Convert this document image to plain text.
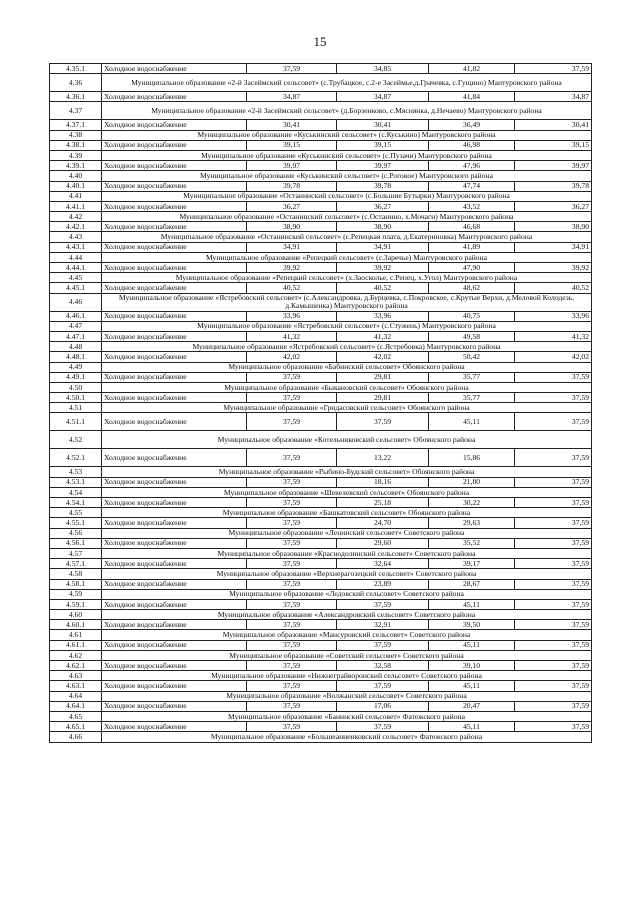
15
4.35.1	Холодное водоснабжение	37,59	34,85	41,82	37,59
4.36	Муниципальное образование «2-й Засеймский сельсовет» (с.Трубацкое, с.2-е Засеймье,д.Грачевка, с.Гущино) Мантуровского района				
4.36.1	Холодное водоснабжение	34,87	34,87	41,84	34,87
4.37	Муниципальное образование «2-й Засеймский сельсовет» (д.Борзенково, с.Мяснянка, д.Нечаево) Мантуровского района				
4.37.1	Холодное водоснабжение	30,41	30,41	36,49	30,41
4.38	Муниципальное образование «Куськинский сельсовет» (с.Куськино) Мантуровского района				
4.38.1	Холодное водоснабжение	39,15	39,15	46,98	39,15
4.39	Муниципальное образование «Куськинский сельсовет» (с.Пузачи) Мантуровского района				
4.39.1	Холодное водоснабжение	39,97	39,97	47,96	39,97
4.40	Муниципальное образование «Куськинский сельсовет» (с.Роговое) Мантуровского района				
4.40.1	Холодное водоснабжение	39,78	39,78	47,74	39,78
4.41	Муниципальное образование «Останинский сельсовет» (с.Большие Бутырки) Мантуровского района				
4.41.1	Холодное водоснабжение	36,27	36,27	43,52	36,27
4.42	Муниципальное образование «Останинский сельсовет» (с.Останино, х.Мочаги) Мантуровского района				
4.42.1	Холодное водоснабжение	38,90	38,90	46,68	38,90
4.43	Муниципальное образование «Останинский сельсовет» (с.Репецкая плата, д.Екатериновка) Мантуровского района				
4.43.1	Холодное водоснабжение	34,91	34,91	41,89	34,91
4.44	Муниципальное образование «Репецкий сельсовет» (с.Заречье) Мантуровского района				
4.44.1	Холодное водоснабжение	39,92	39,92	47,90	39,92
4.45	Муниципальное образование «Репецкий сельсовет» (х.Заосколье, с.Репец, х.Угол) Мантуровского района				
4.45.1	Холодное водоснабжение	40,52	40,52	48,62	40,52
4.46	Муниципальное образование «Ястребовский сельсовет» (с.Александровка, д.Бурцевка, с.Покровское, с.Крутые Верхи, д.Меловой Колодезь, д.Камышенка) Мантуровского района				
4.46.1	Холодное водоснабжение	33,96	33,96	40,75	33,96
4.47	Муниципальное образование «Ястребовский сельсовет» (с.Стужень) Мантуровского района				
4.47.1	Холодное водоснабжение	41,32	41,32	49,58	41,32
4.48	Муниципальное образование «Ястребовский сельсовет» (с.Ястребовка) Мантуровского района				
4.48.1	Холодное водоснабжение	42,02	42,02	50,42	42,02
4.49	Муниципальное образование «Бабинский сельсовет» Обоянского района				
4.49.1	Холодное водоснабжение	37,59	29,81	35,77	37,59
4.50	Муниципальное образование «Быкановский сельсовет» Обоянского района				
4.50.1	Холодное водоснабжение	37,59	29,81	35,77	37,59
4.51	Муниципальное образование «Гридасовский сельсовет» Обоянского района				
4.51.1	Холодное водоснабжение	37,59	37,59	45,11	37,59
4.52	Муниципальное образование «Котельниковский сельсовет» Обоянского района				
4.52.1	Холодное водоснабжение	37,59	13,22	15,86	37,59
4.53	Муниципальное образование «Рыбино-Будский сельсовет» Обоянского района				
4.53.1	Холодное водоснабжение	37,59	18,16	21,80	37,59
4.54	Муниципальное образование «Шевелевский сельсовет» Обоянского района				
4.54.1	Холодное водоснабжение	37,59	25,18	30,22	37,59
4.55	Муниципальное образование «Башкатовский сельсовет» Обоянского района				
4.55.1	Холодное водоснабжение	37,59	24,70	29,63	37,59
4.56	Муниципальное образование «Ленинский сельсовет» Советского района				
4.56.1	Холодное водоснабжение	37,59	29,60	35,52	37,59
4.57	Муниципальное образование «Краснодолинский сельсовет» Советского района				
4.57.1	Холодное водоснабжение	37,59	32,64	39,17	37,59
4.58	Муниципальное образование «Верхнерагозецкий сельсовет» Советского района				
4.58.1	Холодное водоснабжение	37,59	23,89	28,67	37,59
4.59	Муниципальное образование «Ледовский сельсовет» Советского района				
4.59.1	Холодное водоснабжение	37,59	37,59	45,11	37,59
4.60	Муниципальное образование «Александровский сельсовет» Советского района				
4.60.1	Холодное водоснабжение	37,59	32,91	39,50	37,59
4.61	Муниципальное образование «Мансуровский сельсовет» Советского района				
4.61.1	Холодное водоснабжение	37,59	37,59	45,11	37,59
4.62	Муниципальное образование «Советский сельсовет» Советского района				
4.62.1	Холодное водоснабжение	37,59	32,58	39,10	37,59
4.63	Муниципальное образование «Нижнеграйворонский сельсовет» Советского района				
4.63.1	Холодное водоснабжение	37,59	37,59	45,11	37,59
4.64	Муниципальное образование «Волжанский сельсовет» Советского района				
4.64.1	Холодное водоснабжение	37,59	17,06	20,47	37,59
4.65	Муниципальное образование «Банинский сельсовет» Фатежского района				
4.65.1	Холодное водоснабжение	37,59	37,59	45,11	37,59
4.66	Муниципальное образование «Большеанненковский сельсовет» Фатежского района				
